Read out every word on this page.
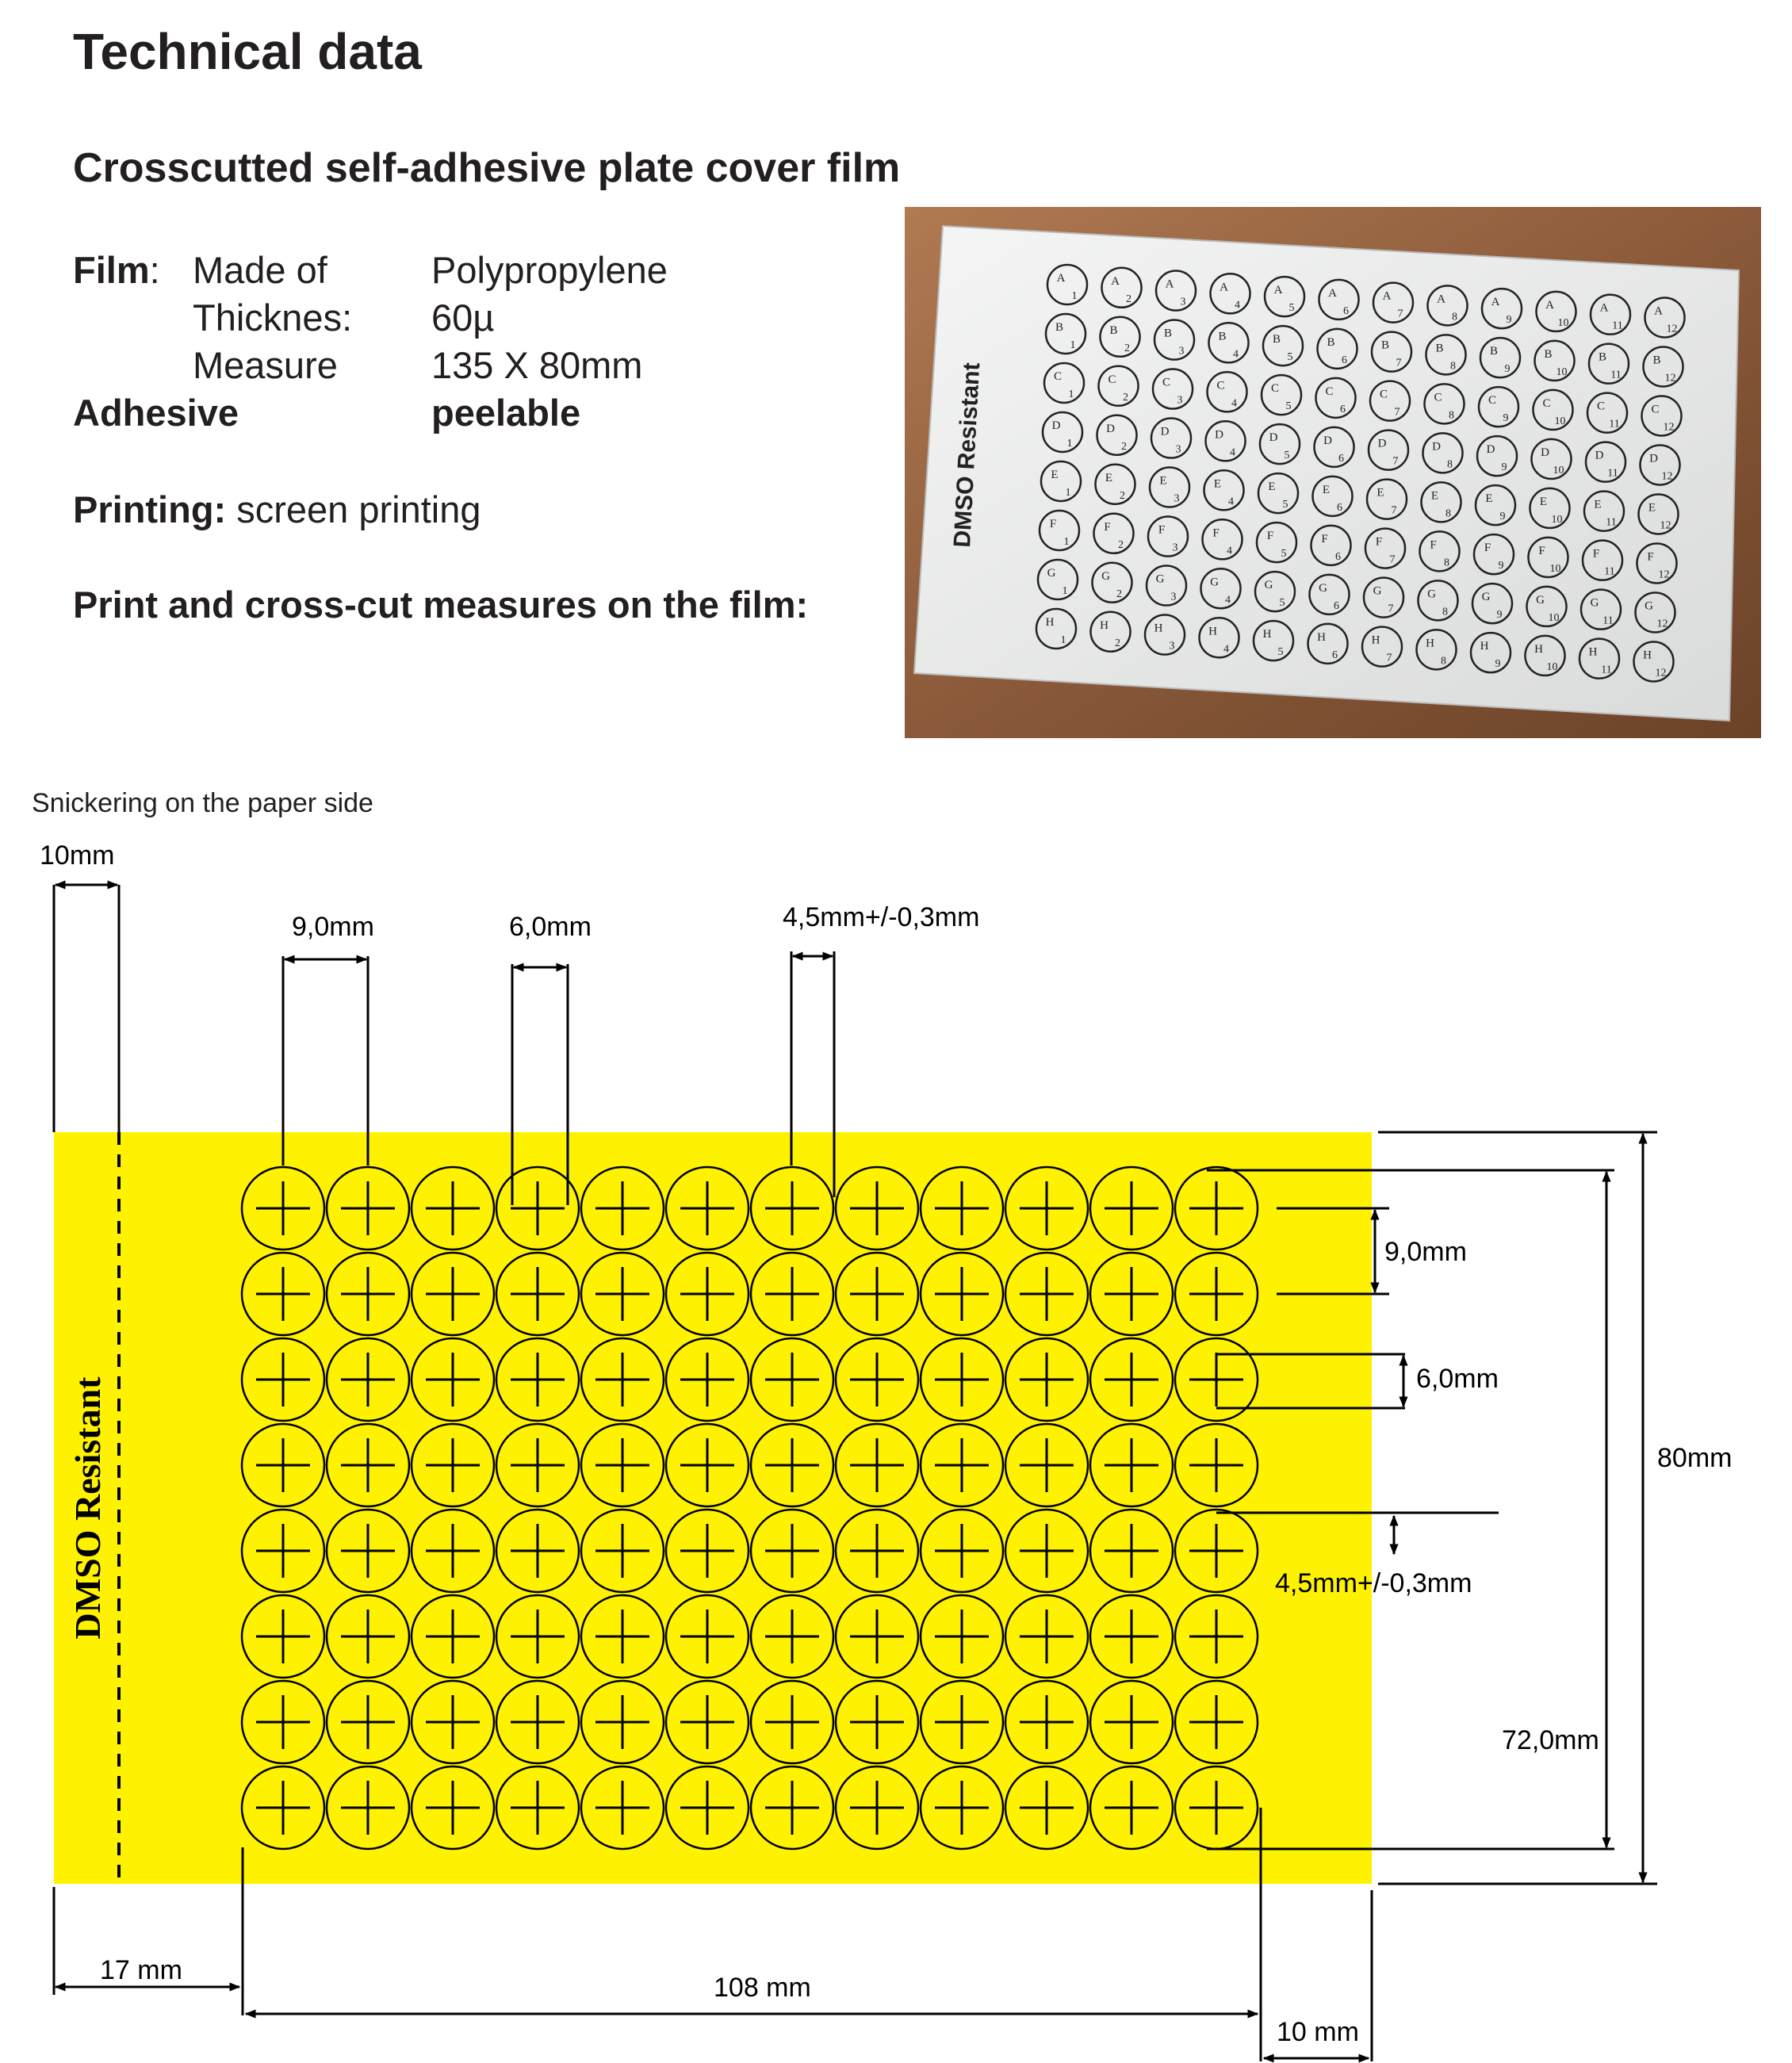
Technical data
Crosscutted self-adhesive plate cover film
Film: Made of	Polypropylene
Thicknes: 60µ
Measure	135 X 80mm
Adhesive	peelable
Printing: screen printing
Print and cross-cut measures on the film:
DMSO Resistant
A
1
A
2
A
3
A
4
A
5
A
6
A
7
A
8
A
9
A
10
A
11
A
12
B
1
B
2
B
3
B
4
B
5
B
6
B
7
B
8
B
9
B
10
B
11
B
12
C
1
C
2
C
3
C
4
C
5
C
6
C
7
C
8
C
9
C
10
C
11
C
12
D
1
D
2
D
3
D
4
D
5
D
6
D
7
D
8
D
9
D
10
D
11
D
12
E
1
E
2
E
3
E
4
E
5
E
6
E
7
E
8
E
9
E
10
E
11
E
12
F
1
F
2
F
3
F
4
F
5
F
6
F
7
F
8
F
9
F
10
F
11
F
12
G
1
G
2
G
3
G
4
G
5
G
6
G
7
G
8
G
9
G
10
G
11
G
12
H
1
H
2
H
3
H
4
H
5
H
6
H
7
H
8
H
9
H
10
H
11
H
12
Snickering on the paper side
DMSO Resistant
10mm
9,0mm	6,0mm	4,5mm+/-0,3mm
80mm
72,0mm
9,0mm
6,0mm
4,5mm+/-0,3mm
17 mm
108 mm
10 mm
